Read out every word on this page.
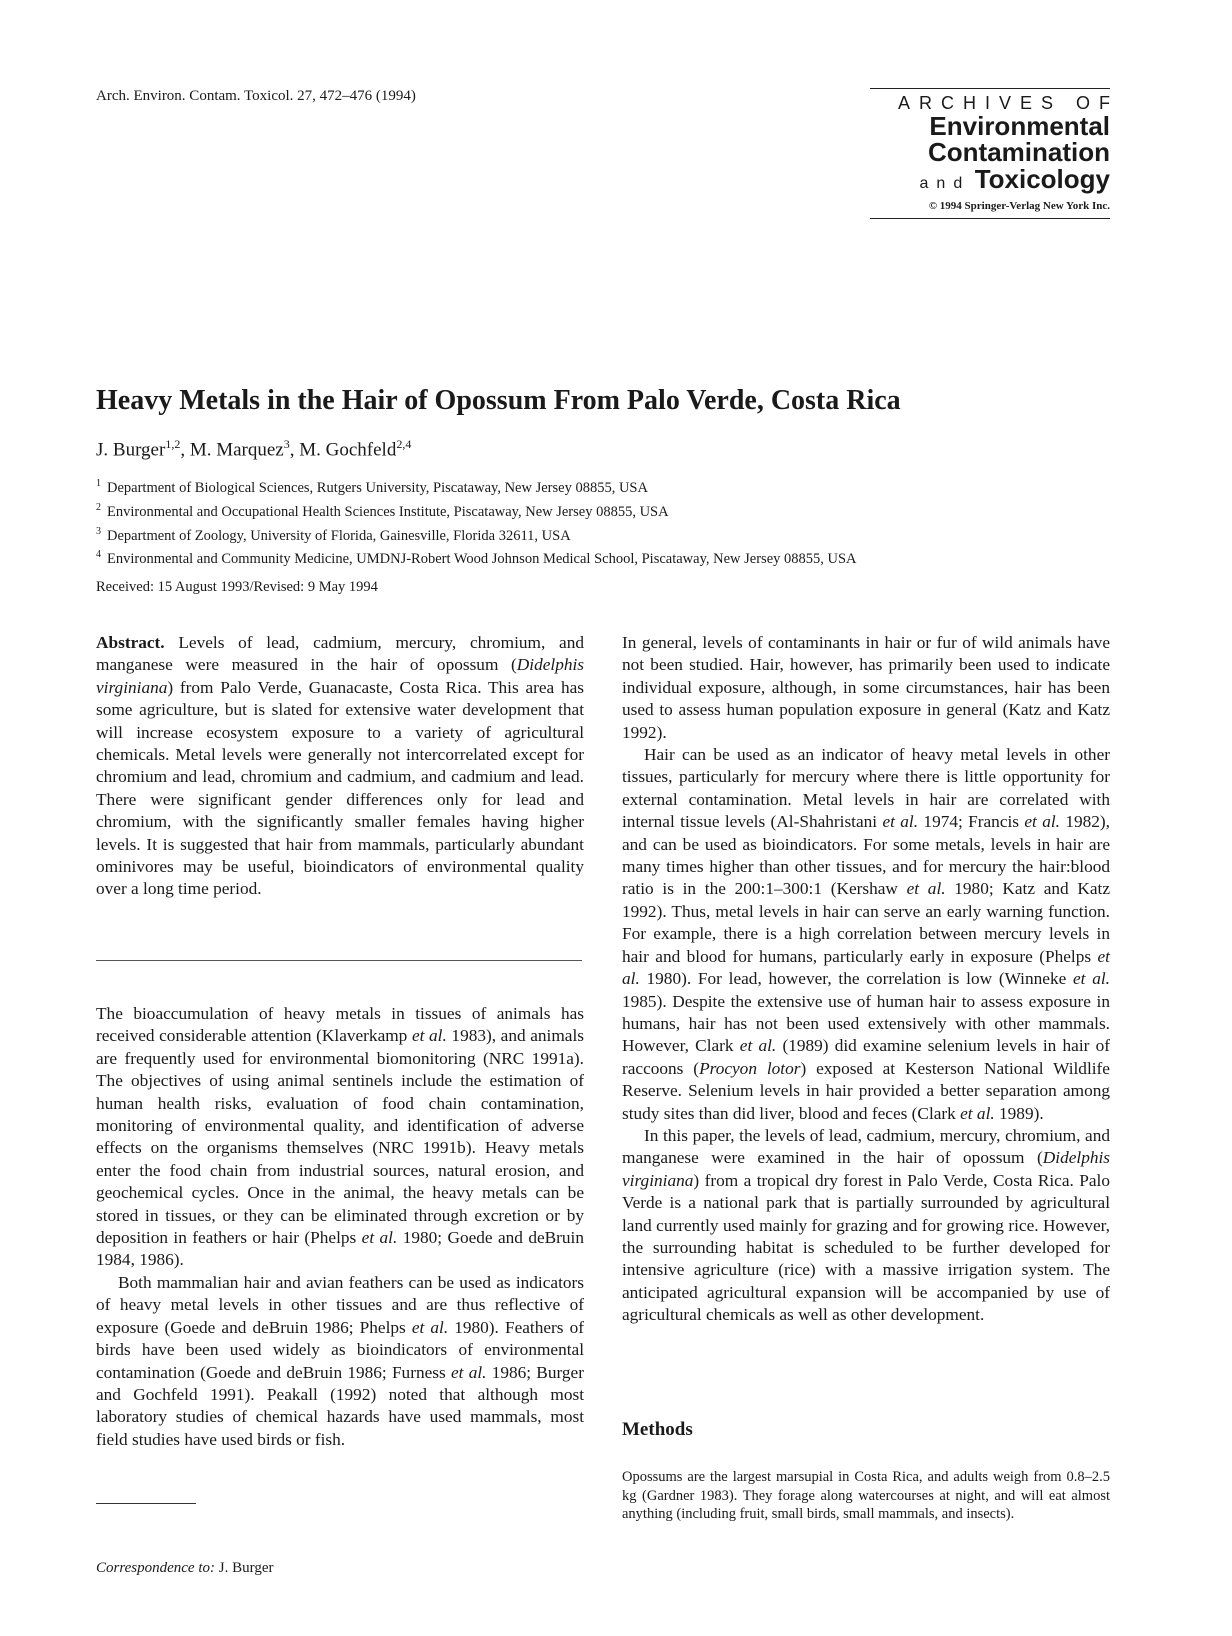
Arch. Environ. Contam. Toxicol. 27, 472–476 (1994)	ARCHIVES OF
Environmental
Contamination
and Toxicology
© 1994 Springer-Verlag New York Inc.
Heavy Metals in the Hair of Opossum From Palo Verde, Costa Rica
J. Burger$^{1,2}$, M. Marquez$^3$, M. Gochfeld$^{2,4}$
$^1$ Department of Biological Sciences, Rutgers University, Piscataway, New Jersey 08855, USA
$^2$ Environmental and Occupational Health Sciences Institute, Piscataway, New Jersey 08855, USA
$^3$ Department of Zoology, University of Florida, Gainesville, Florida 32611, USA
$^4$ Environmental and Community Medicine, UMDNJ-Robert Wood Johnson Medical School, Piscataway, New Jersey 08855, USA
Received: 15 August 1993/Revised: 9 May 1994

Abstract. Levels of lead, cadmium, mercury, chromium, and manganese were measured in the hair of opossum (Didelphis virginiana) from Palo Verde, Guanacaste, Costa Rica. This area has some agriculture, but is slated for extensive water development that will increase ecosystem exposure to a variety of agricultural chemicals. Metal levels were generally not intercorrelated except for chromium and lead, chromium and cadmium, and cadmium and lead. There were significant gender differences only for lead and chromium, with the significantly smaller females having higher levels. It is suggested that hair from mammals, particularly abundant ominivores may be useful, bioindicators of environmental quality over a long time period.

The bioaccumulation of heavy metals in tissues of animals has received considerable attention (Klaverkamp et al. 1983), and animals are frequently used for environmental biomonitoring (NRC 1991a). The objectives of using animal sentinels include the estimation of human health risks, evaluation of food chain contamination, monitoring of environmental quality, and identification of adverse effects on the organisms themselves (NRC 1991b). Heavy metals enter the food chain from industrial sources, natural erosion, and geochemical cycles. Once in the animal, the heavy metals can be stored in tissues, or they can be eliminated through excretion or by deposition in feathers or hair (Phelps et al. 1980; Goede and deBruin 1984, 1986).

Both mammalian hair and avian feathers can be used as indicators of heavy metal levels in other tissues and are thus reflective of exposure (Goede and deBruin 1986; Phelps et al. 1980). Feathers of birds have been used widely as bioindicators of environmental contamination (Goede and deBruin 1986; Furness et al. 1986; Burger and Gochfeld 1991). Peakall (1992) noted that although most laboratory studies of chemical hazards have used mammals, most field studies have used birds or fish.

Correspondence to: J. Burger

In general, levels of contaminants in hair or fur of wild animals have not been studied. Hair, however, has primarily been used to indicate individual exposure, although, in some circumstances, hair has been used to assess human population exposure in general (Katz and Katz 1992).

Hair can be used as an indicator of heavy metal levels in other tissues, particularly for mercury where there is little opportunity for external contamination. Metal levels in hair are correlated with internal tissue levels (Al-Shahristani et al. 1974; Francis et al. 1982), and can be used as bioindicators. For some metals, levels in hair are many times higher than other tissues, and for mercury the hair:blood ratio is in the 200:1–300:1 (Kershaw et al. 1980; Katz and Katz 1992). Thus, metal levels in hair can serve an early warning function. For example, there is a high correlation between mercury levels in hair and blood for humans, particularly early in exposure (Phelps et al. 1980). For lead, however, the correlation is low (Winneke et al. 1985). Despite the extensive use of human hair to assess exposure in humans, hair has not been used extensively with other mammals. However, Clark et al. (1989) did examine selenium levels in hair of raccoons (Procyon lotor) exposed at Kesterson National Wildlife Reserve. Selenium levels in hair provided a better separation among study sites than did liver, blood and feces (Clark et al. 1989).

In this paper, the levels of lead, cadmium, mercury, chromium, and manganese were examined in the hair of opossum (Didelphis virginiana) from a tropical dry forest in Palo Verde, Costa Rica. Palo Verde is a national park that is partially surrounded by agricultural land currently used mainly for grazing and for growing rice. However, the surrounding habitat is scheduled to be further developed for intensive agriculture (rice) with a massive irrigation system. The anticipated agricultural expansion will be accompanied by use of agricultural chemicals as well as other development.

Methods

Opossums are the largest marsupial in Costa Rica, and adults weigh from 0.8–2.5 kg (Gardner 1983). They forage along watercourses at night, and will eat almost anything (including fruit, small birds, small mammals, and insects).
